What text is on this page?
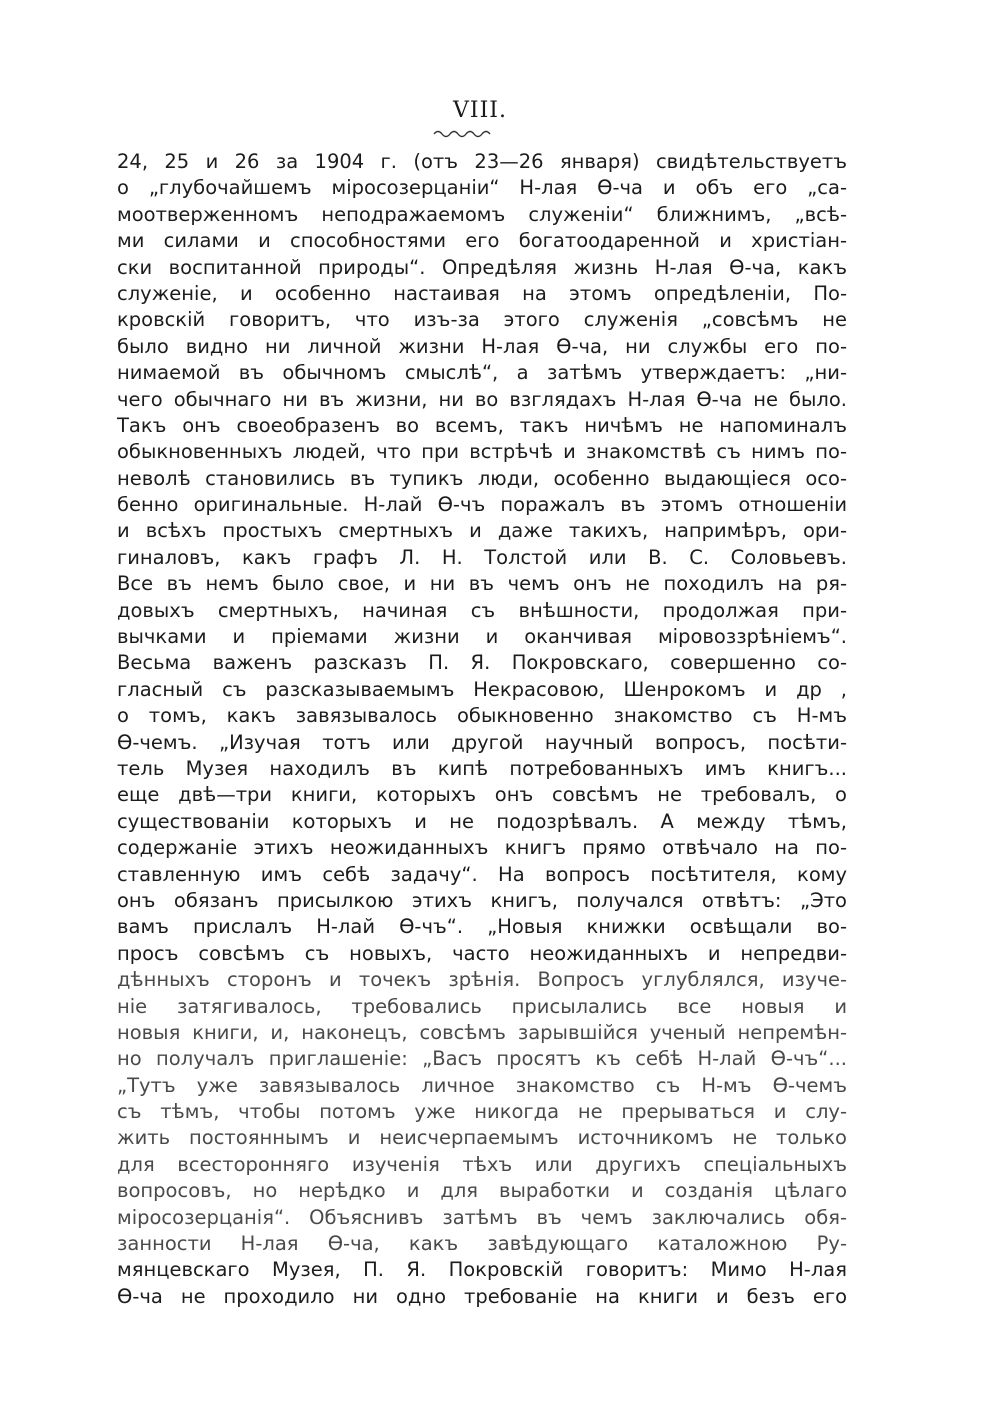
VIII.
24, 25 и 26 за 1904 г. (отъ 23—26 января) свидѣтельствуетъ
о „глубочайшемъ міросозерцаніи“ Н-лая Ѳ-ча и объ его „са-
моотверженномъ неподражаемомъ служеніи“ ближнимъ, „всѣ-
ми силами и способностями его богатоодаренной и христіан-
ски воспитанной природы“. Опредѣляя жизнь Н-лая Ѳ-ча, какъ
служеніе, и особенно настаивая на этомъ опредѣленіи, По-
кровскій говоритъ, что изъ-за этого служенія „совсѣмъ не
было видно ни личной жизни Н-лая Ѳ-ча, ни службы его по-
нимаемой въ обычномъ смыслѣ“, а затѣмъ утверждаетъ: „ни-
чего обычнаго ни въ жизни, ни во взглядахъ Н-лая Ѳ-ча не было.
Такъ онъ своеобразенъ во всемъ, такъ ничѣмъ не напоминалъ
обыкновенныхъ людей, что при встрѣчѣ и знакомствѣ съ нимъ по-
неволѣ становились въ тупикъ люди, особенно выдающіеся осо-
бенно оригинальные. Н-лай Ѳ-чъ поражалъ въ этомъ отношеніи
и всѣхъ простыхъ смертныхъ и даже такихъ, напримѣръ, ори-
гиналовъ, какъ графъ Л. Н. Толстой или В. С. Соловьевъ.
Все въ немъ было свое, и ни въ чемъ онъ не походилъ на ря-
довыхъ смертныхъ, начиная съ внѣшности, продолжая при-
вычками и пріемами жизни и оканчивая міровоззрѣніемъ“.
Весьма важенъ разсказъ П. Я. Покровскаго, совершенно со-
гласный съ разсказываемымъ Некрасовою, Шенрокомъ и др ,
о томъ, какъ завязывалось обыкновенно знакомство съ Н-мъ
Ѳ-чемъ. „Изучая тотъ или другой научный вопросъ, посѣти-
тель Музея находилъ въ кипѣ потребованныхъ имъ книгъ...
еще двѣ—три книги, которыхъ онъ совсѣмъ не требовалъ, о
существованіи которыхъ и не подозрѣвалъ. А между тѣмъ,
содержаніе этихъ неожиданныхъ книгъ прямо отвѣчало на по-
ставленную имъ себѣ задачу“. На вопросъ посѣтителя, кому
онъ обязанъ присылкою этихъ книгъ, получался отвѣтъ: „Это
вамъ прислалъ Н-лай Ѳ-чъ“. „Новыя книжки освѣщали во-
просъ совсѣмъ съ новыхъ, часто неожиданныхъ и непредви-
дѣнныхъ сторонъ и точекъ зрѣнія. Вопросъ углублялся, изуче-
ніе затягивалось, требовались присылались все новыя и
новыя книги, и, наконецъ, совсѣмъ зарывшійся ученый непремѣн-
но получалъ приглашеніе: „Васъ просятъ къ себѣ Н-лай Ѳ-чъ“...
„Тутъ уже завязывалось личное знакомство съ Н-мъ Ѳ-чемъ
съ тѣмъ, чтобы потомъ уже никогда не прерываться и слу-
жить постояннымъ и неисчерпаемымъ источникомъ не только
для всесторонняго изученія тѣхъ или другихъ спеціальныхъ
вопросовъ, но нерѣдко и для выработки и созданія цѣлаго
міросозерцанія“. Объяснивъ затѣмъ въ чемъ заключались обя-
занности Н-лая Ѳ-ча, какъ завѣдующаго каталожною Ру-
мянцевскаго Музея, П. Я. Покровскій говоритъ: Мимо Н-лая
Ѳ-ча не проходило ни одно требованіе на книги и безъ его
